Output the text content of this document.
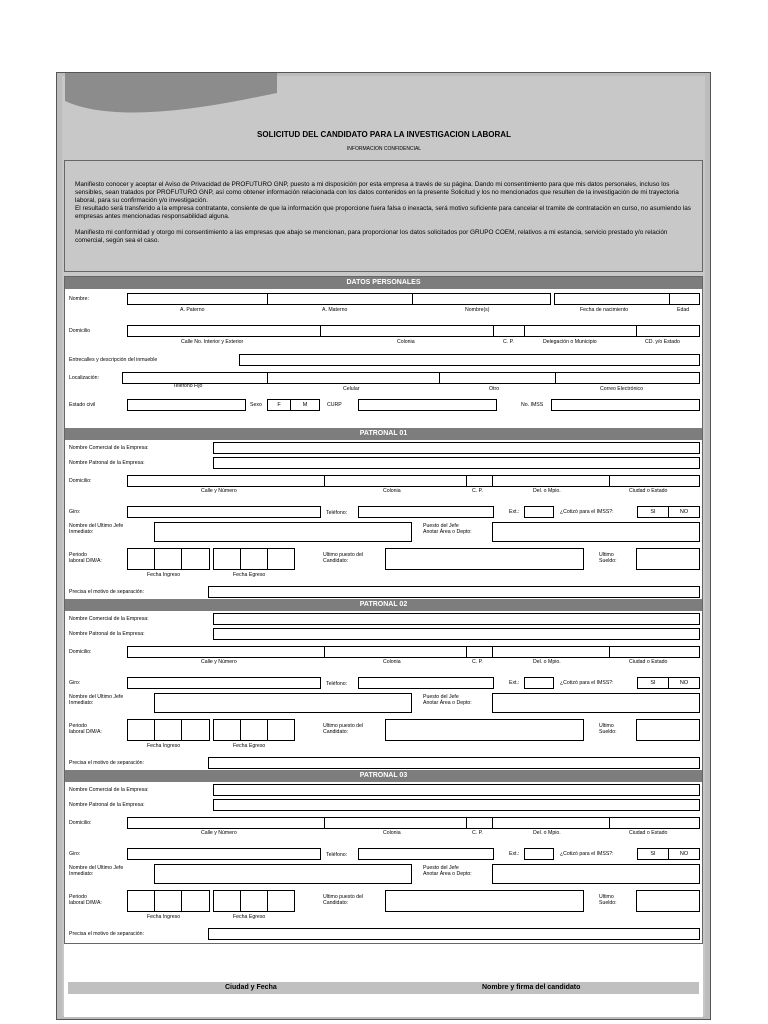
SOLICITUD DEL CANDIDATO PARA LA INVESTIGACION LABORAL
INFORMACION CONFIDENCIAL

Manifiesto conocer y aceptar el Aviso de Privacidad de PROFUTURO GNP, puesto a mi disposición por esta empresa a través de su página. Dando mi consentimiento para que mis datos personales, incluso los sensibles, sean tratados por PROFUTURO GNP, así como obtener información relacionada con los datos contenidos en la presente Solicitud y los no mencionados que resulten de la investigación de mi trayectoria laboral, para su confirmación y/o investigación.
El resultado será transferido a la empresa contratante, consiente de que la información que proporcione fuera falsa o inexacta, será motivo suficiente para cancelar el tramite de contratación en curso, no asumiendo las empresas antes mencionadas responsabilidad alguna.

Manifiesto mi conformidad y otorgo mi consentimiento a las empresas que abajo se mencionan, para proporcionar los datos solicitados por GRUPO COEM, relativos a mi estancia, servicio prestado y/o relación comercial, según sea el caso.

DATOS PERSONALES
Nombre:
A. Paterno	A. Materno	Nombre(s)	Fecha de nacimiento	Edad
Domicilio
Calle No. Interior y Exterior	Colonia	C. P.	Delegación o Municipio	CD. y/o Estado
Entrecalles y descripción del inmueble
Localización:
Telefono Fijo	Celular	Otro	Correo Electrónico
Estado civil	Sexo	F	M	CURP	No. IMSS
PATRONAL 01
Nombre Comercial de la Empresa:
Nombre Patronal de la Empresa:
Domicilio:
Calle y Número	Colonia	C. P.	Del. o Mpio.	Ciudad o Estado
Giro:	Teléfono:	Ext.:	¿Cotizó para el IMSS?:	SI	NO
Nombre del Ultimo Jefe
Inmediato:
Puesto del Jefe
Anotar Área o Depto:
Periodo
laboral D/M/A:
Ultimo puesto del
Candidato:
Ultimo
Sueldo:
Fecha Ingreso	Fecha Egreso
Precisa el motivo de separación:
PATRONAL 02
Nombre Comercial de la Empresa:
Nombre Patronal de la Empresa:
Domicilio:
Calle y Número	Colonia	C. P.	Del. o Mpio.	Ciudad o Estado
Giro:	Teléfono:	Ext.:	¿Cotizó para el IMSS?:	SI	NO
Nombre del Ultimo Jefe
Inmediato:
Puesto del Jefe
Anotar Área o Depto:
Periodo
laboral D/M/A:
Ultimo puesto del
Candidato:
Ultimo
Sueldo:
Fecha Ingreso	Fecha Egreso
Precisa el motivo de separación:
PATRONAL 03
Nombre Comercial de la Empresa:
Nombre Patronal de la Empresa:
Domicilio:
Calle y Número	Colonia	C. P.	Del. o Mpio.	Ciudad o Estado
Giro:	Teléfono:	Ext.:	¿Cotizó para el IMSS?:	SI	NO
Nombre del Ultimo Jefe
Inmediato:
Puesto del Jefe
Anotar Área o Depto:
Periodo
laboral D/M/A:
Ultimo puesto del
Candidato:
Ultimo
Sueldo:
Fecha Ingreso	Fecha Egreso
Precisa el motivo de separación:
Ciudad y Fecha	Nombre y firma del candidato
